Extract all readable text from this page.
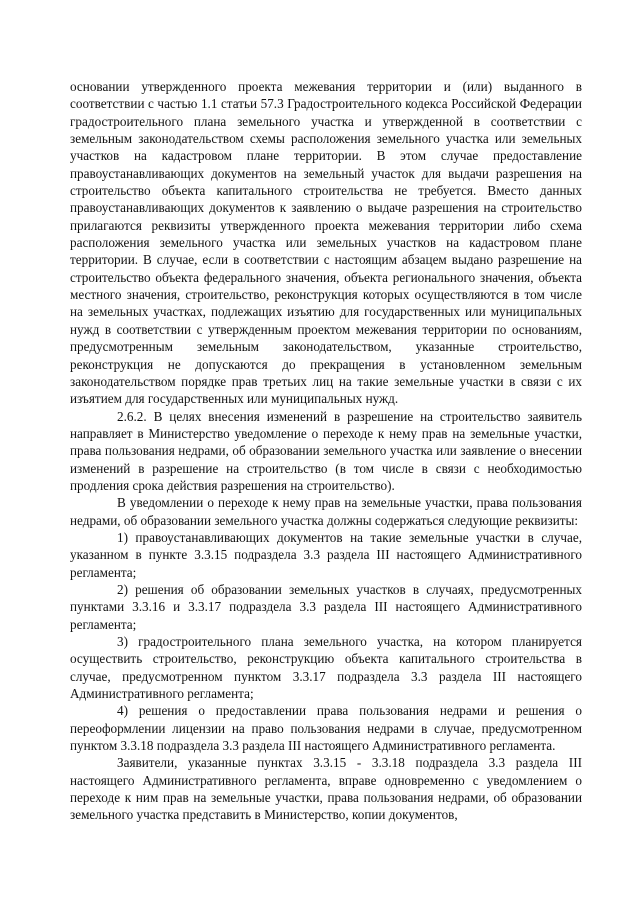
основании утвержденного проекта межевания территории и (или) выданного в соответствии с частью 1.1 статьи 57.3 Градостроительного кодекса Российской Федерации градостроительного плана земельного участка и утвержденной в соответствии с земельным законодательством схемы расположения земельного участка или земельных участков на кадастровом плане территории. В этом случае предоставление правоустанавливающих документов на земельный участок для выдачи разрешения на строительство объекта капитального строительства не требуется. Вместо данных правоустанавливающих документов к заявлению о выдаче разрешения на строительство прилагаются реквизиты утвержденного проекта межевания территории либо схема расположения земельного участка или земельных участков на кадастровом плане территории. В случае, если в соответствии с настоящим абзацем выдано разрешение на строительство объекта федерального значения, объекта регионального значения, объекта местного значения, строительство, реконструкция которых осуществляются в том числе на земельных участках, подлежащих изъятию для государственных или муниципальных нужд в соответствии с утвержденным проектом межевания территории по основаниям, предусмотренным земельным законодательством, указанные строительство, реконструкция не допускаются до прекращения в установленном земельным законодательством порядке прав третьих лиц на такие земельные участки в связи с их изъятием для государственных или муниципальных нужд.

2.6.2. В целях внесения изменений в разрешение на строительство заявитель направляет в Министерство уведомление о переходе к нему прав на земельные участки, права пользования недрами, об образовании земельного участка или заявление о внесении изменений в разрешение на строительство (в том числе в связи с необходимостью продления срока действия разрешения на строительство).

В уведомлении о переходе к нему прав на земельные участки, права пользования недрами, об образовании земельного участка должны содержаться следующие реквизиты:

1) правоустанавливающих документов на такие земельные участки в случае, указанном в пункте 3.3.15 подраздела 3.3 раздела III настоящего Административного регламента;

2) решения об образовании земельных участков в случаях, предусмотренных пунктами 3.3.16 и 3.3.17 подраздела 3.3 раздела III настоящего Административного регламента;

3) градостроительного плана земельного участка, на котором планируется осуществить строительство, реконструкцию объекта капитального строительства в случае, предусмотренном пунктом 3.3.17 подраздела 3.3 раздела III настоящего Административного регламента;

4) решения о предоставлении права пользования недрами и решения о переоформлении лицензии на право пользования недрами в случае, предусмотренном пунктом 3.3.18 подраздела 3.3 раздела III настоящего Административного регламента.

Заявители, указанные пунктах 3.3.15 - 3.3.18 подраздела 3.3 раздела III настоящего Административного регламента, вправе одновременно с уведомлением о переходе к ним прав на земельные участки, права пользования недрами, об образовании земельного участка представить в Министерство, копии документов,
